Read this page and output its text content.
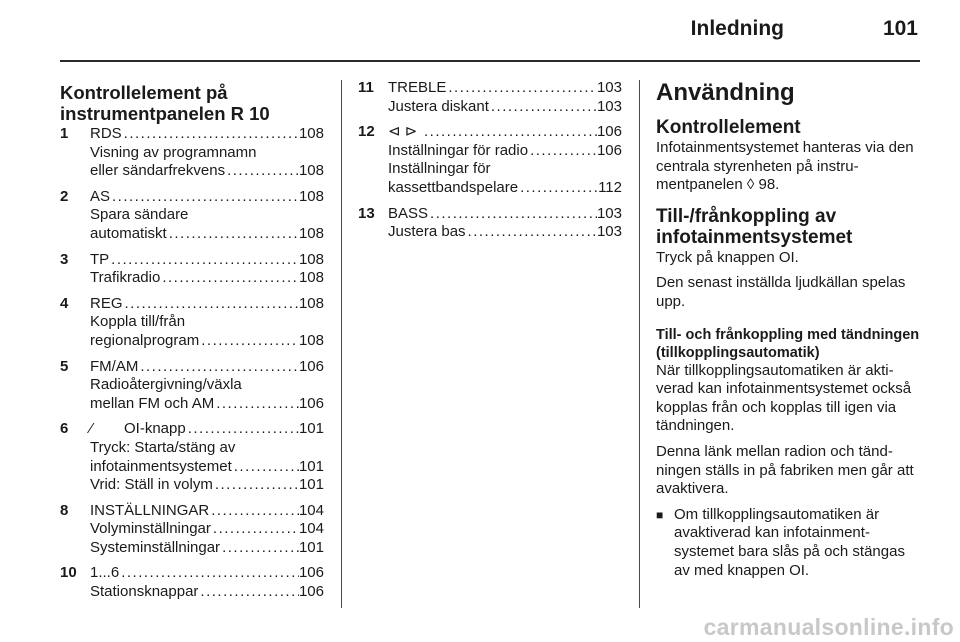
Inledning	101
Kontrollelement på
instrumentpanelen R 10
1	RDS .....	108
Visning av programnamn
eller sändarfrekvens .....	108
2	AS .....	108
Spara sändare
automatiskt .....	108
3	TP .....	108
Trafikradio .....	108
4	REG .....	108
Koppla till/från
regionalprogram .....	108
5	FM/AM .....	106
Radioåtergivning/växla
mellan FM och AM .....	106
6	⁄	OI-knapp .....	101
Tryck: Starta/stäng av
infotainmentsystemet .....	101
Vrid: Ställ in volym .....	101
8	INSTÄLLNINGAR .....	104
Volyminställningar .....	104
Systeminställningar .....	101
10 1...6 .....	106
Stationsknappar .....	106
11 TREBLE .....	103
Justera diskant .....	103
12 ⊲ ⊳ .....	106
Inställningar för radio .....	106
Inställningar för
kassettbandspelare .....	112
13 BASS .....	103
Justera bas .....	103
Användning
Kontrollelement
Infotainmentsystemet hanteras via den centrala styrenheten på instru-mentpanelen ◊ 98.
Till-/frånkoppling av
infotainmentsystemet
Tryck på knappen OI.
Den senast inställda ljudkällan spelas upp.
Till- och frånkoppling med tändningen (tillkopplingsautomatik)
När tillkopplingsautomatiken är akti-verad kan infotainmentsystemet också kopplas från och kopplas till igen via tändningen.
Denna länk mellan radion och tänd-ningen ställs in på fabriken men går att avaktivera.
■ Om tillkopplingsautomatiken är avaktiverad kan infotainment-systemet bara slås på och stängas av med knappen OI.
carmanualsonline.info
